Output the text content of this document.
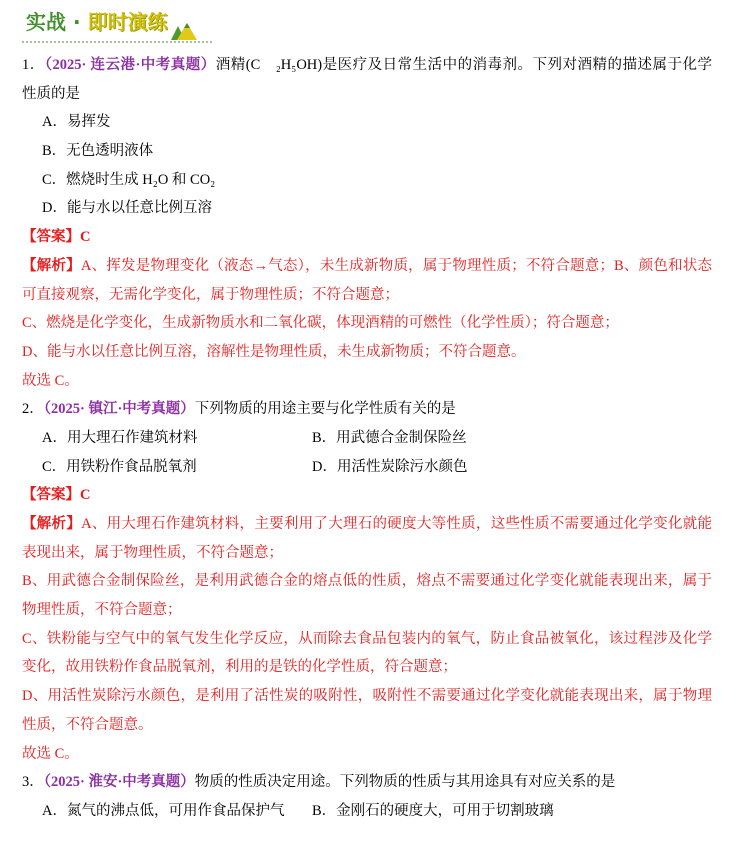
实战 · 即时演练
1．（2025· 连云港·中考真题）酒精(C　₂H₅OH)是医疗及日常生活中的消毒剂。下列对酒精的描述属于化学
性质的是
A．易挥发
B．无色透明液体
C．燃烧时生成 H₂O 和 CO₂
D．能与水以任意比例互溶
【答案】C
【解析】A、挥发是物理变化（液态→气态），未生成新物质，属于物理性质；不符合题意；B、颜色和状态
可直接观察，无需化学变化，属于物理性质；不符合题意；
C、燃烧是化学变化，生成新物质水和二氧化碳，体现酒精的可燃性（化学性质）；符合题意；
D、能与水以任意比例互溶，溶解性是物理性质，未生成新物质；不符合题意。
故选 C。
2．（2025· 镇江·中考真题）下列物质的用途主要与化学性质有关的是
A．用大理石作建筑材料	B．用武德合金制保险丝
C．用铁粉作食品脱氧剂	D．用活性炭除污水颜色
【答案】C
【解析】A、用大理石作建筑材料，主要利用了大理石的硬度大等性质，这些性质不需要通过化学变化就能
表现出来，属于物理性质，不符合题意；
B、用武德合金制保险丝，是利用武德合金的熔点低的性质，熔点不需要通过化学变化就能表现出来，属于
物理性质，不符合题意；
C、铁粉能与空气中的氧气发生化学反应，从而除去食品包装内的氧气，防止食品被氧化，该过程涉及化学
变化，故用铁粉作食品脱氧剂，利用的是铁的化学性质，符合题意；
D、用活性炭除污水颜色，是利用了活性炭的吸附性，吸附性不需要通过化学变化就能表现出来，属于物理
性质，不符合题意。
故选 C。
3．（2025· 淮安·中考真题）物质的性质决定用途。下列物质的性质与其用途具有对应关系的是
A．氮气的沸点低，可用作食品保护气	B．金刚石的硬度大，可用于切割玻璃
